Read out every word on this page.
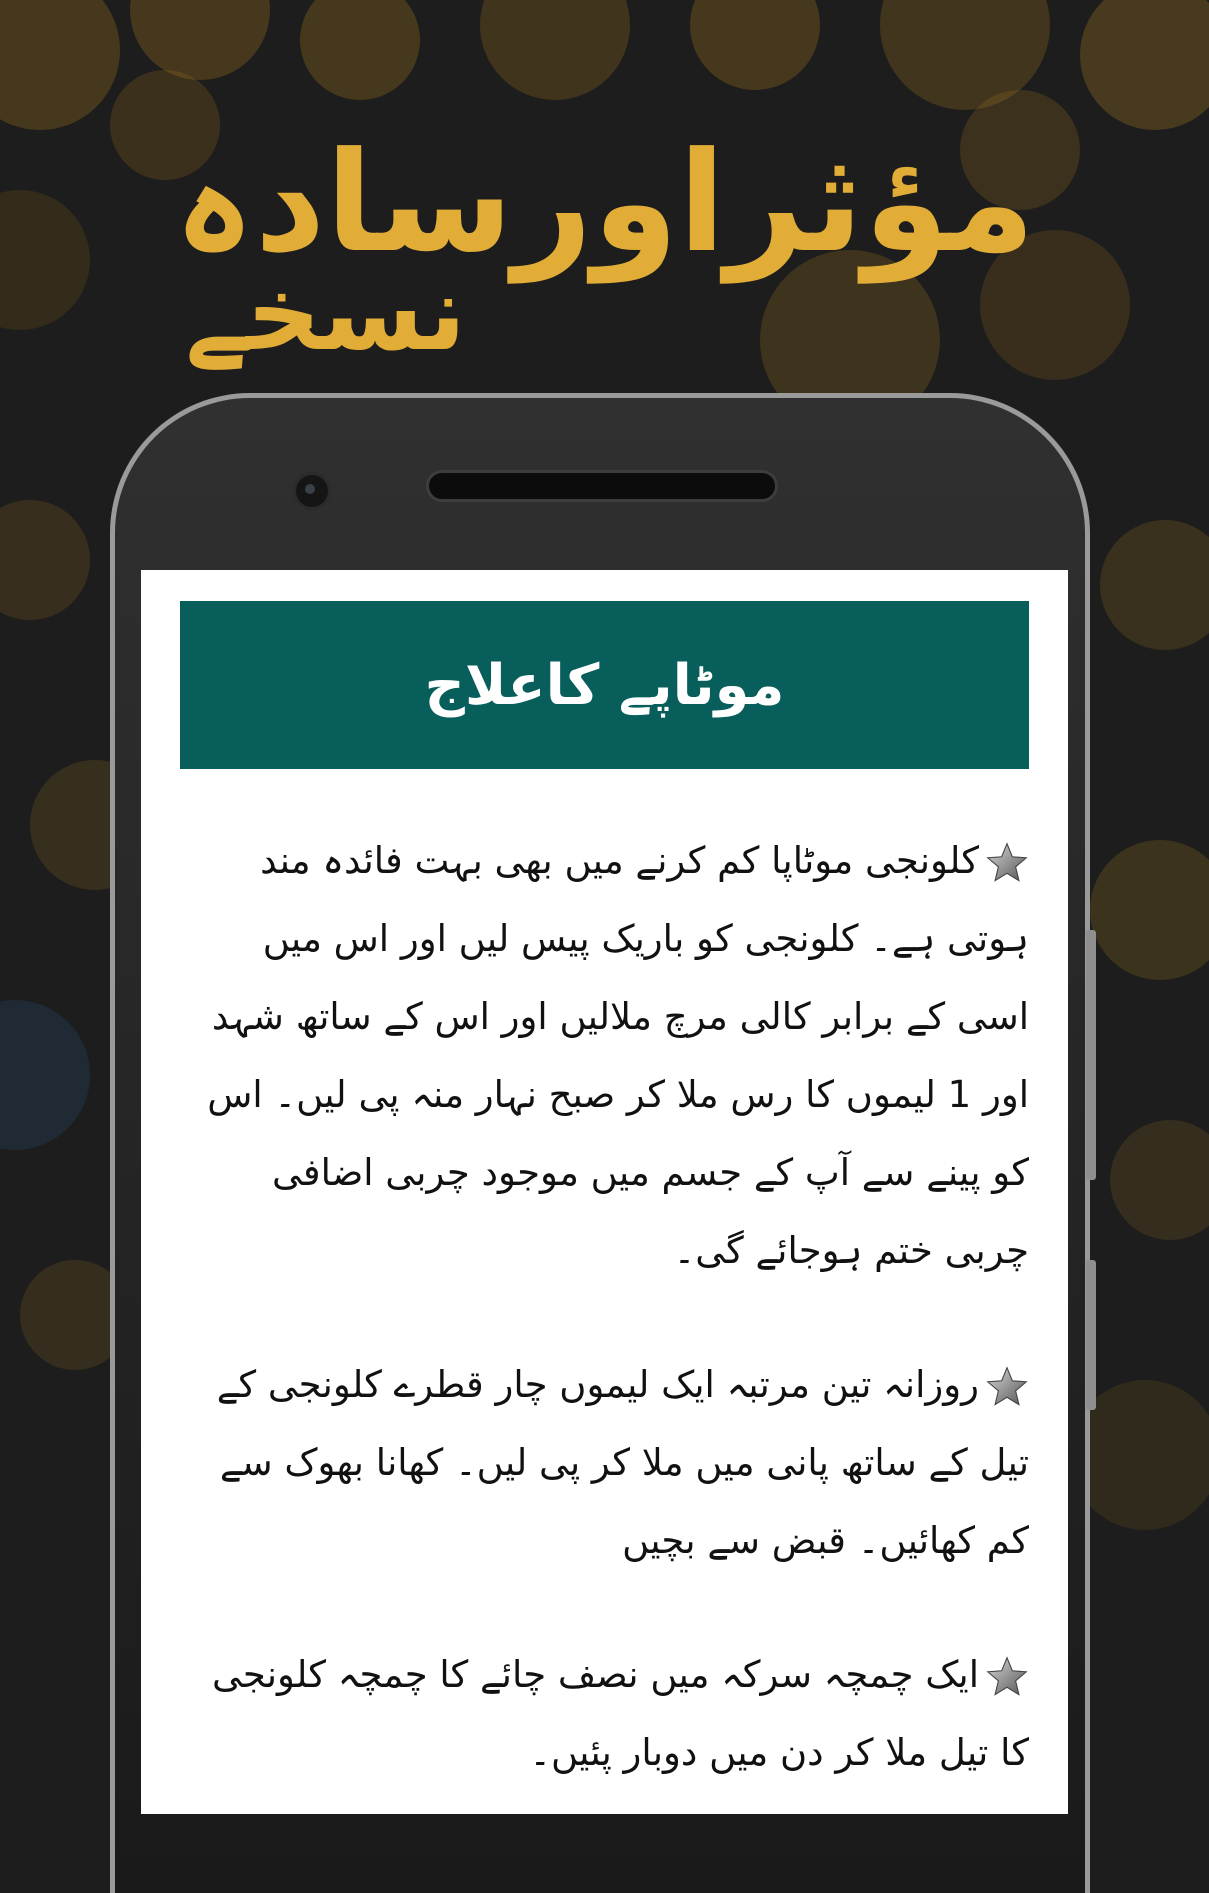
مؤثراورسادہ
نسخے
موٹاپے کاعلاج

کلونجی موٹاپا کم کرنے میں بھی بہت فائدہ مند ہوتی ہے۔ کلونجی کو باریک پیس لیں اور اس میں اسی کے برابر کالی مرچ ملالیں اور اس کے ساتھ شہد اور 1 لیموں کا رس ملا کر صبح نہار منہ پی لیں۔ اس کو پینے سے آپ کے جسم میں موجود چربی اضافی چربی ختم ہوجائے گی۔

روزانہ تین مرتبہ ایک لیموں چار قطرے کلونجی کے تیل کے ساتھ پانی میں ملا کر پی لیں۔ کھانا بھوک سے کم کھائیں۔ قبض سے بچیں

ایک چمچہ سرکہ میں نصف چائے کا چمچہ کلونجی کا تیل ملا کر دن میں دوبار پئیں۔
